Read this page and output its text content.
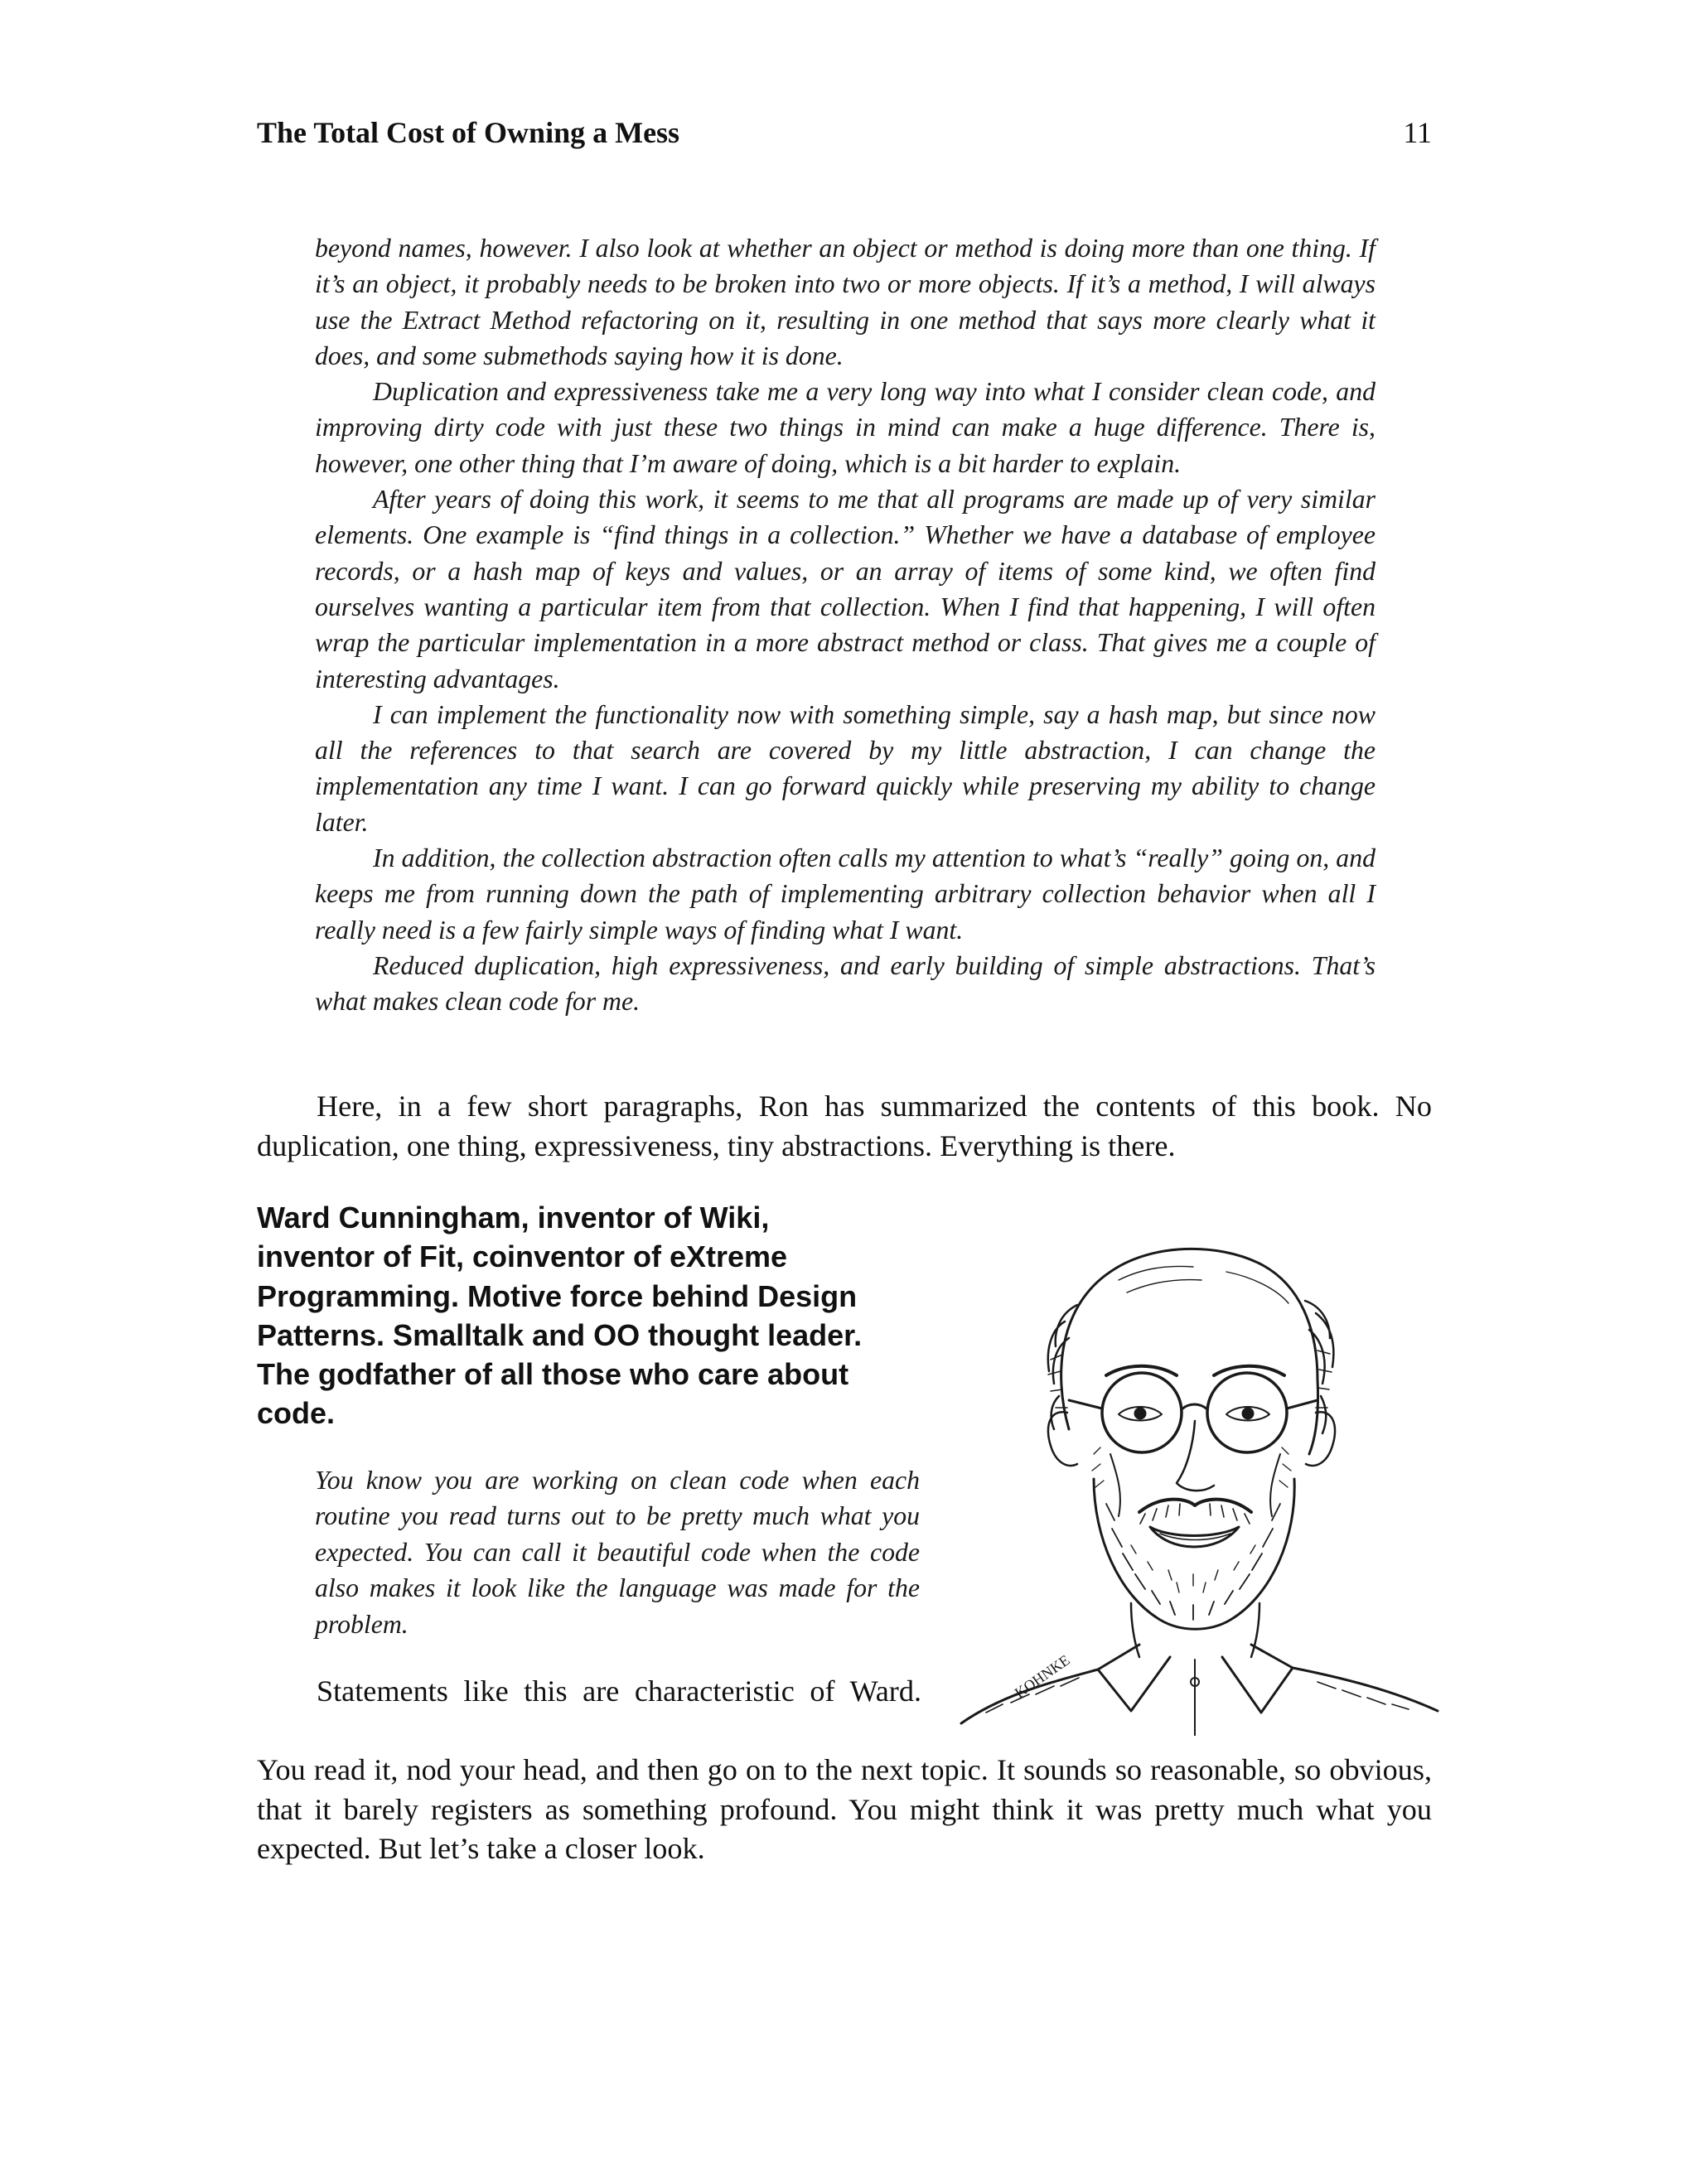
The Total Cost of Owning a Mess	11

beyond names, however. I also look at whether an object or method is doing more than one thing. If it’s an object, it probably needs to be broken into two or more objects. If it’s a method, I will always use the Extract Method refactoring on it, resulting in one method that says more clearly what it does, and some submethods saying how it is done.

Duplication and expressiveness take me a very long way into what I consider clean code, and improving dirty code with just these two things in mind can make a huge difference. There is, however, one other thing that I’m aware of doing, which is a bit harder to explain.

After years of doing this work, it seems to me that all programs are made up of very similar elements. One example is “find things in a collection.” Whether we have a database of employee records, or a hash map of keys and values, or an array of items of some kind, we often find ourselves wanting a particular item from that collection. When I find that happening, I will often wrap the particular implementation in a more abstract method or class. That gives me a couple of interesting advantages.

I can implement the functionality now with something simple, say a hash map, but since now all the references to that search are covered by my little abstraction, I can change the implementation any time I want. I can go forward quickly while preserving my ability to change later.

In addition, the collection abstraction often calls my attention to what’s “really” going on, and keeps me from running down the path of implementing arbitrary collection behavior when all I really need is a few fairly simple ways of finding what I want.

Reduced duplication, high expressiveness, and early building of simple abstractions. That’s what makes clean code for me.

Here, in a few short paragraphs, Ron has summarized the contents of this book. No duplication, one thing, expressiveness, tiny abstractions. Everything is there.

Ward Cunningham, inventor of Wiki, inventor of Fit, coinventor of eXtreme Programming. Motive force behind Design Patterns. Smalltalk and OO thought leader. The godfather of all those who care about code.

You know you are working on clean code when each routine you read turns out to be pretty much what you expected. You can call it beautiful code when the code also makes it look like the language was made for the problem.

Statements like this are characteristic of Ward.

You read it, nod your head, and then go on to the next topic. It sounds so reasonable, so obvious, that it barely registers as something profound. You might think it was pretty much what you expected. But let’s take a closer look.

KOHNKE
